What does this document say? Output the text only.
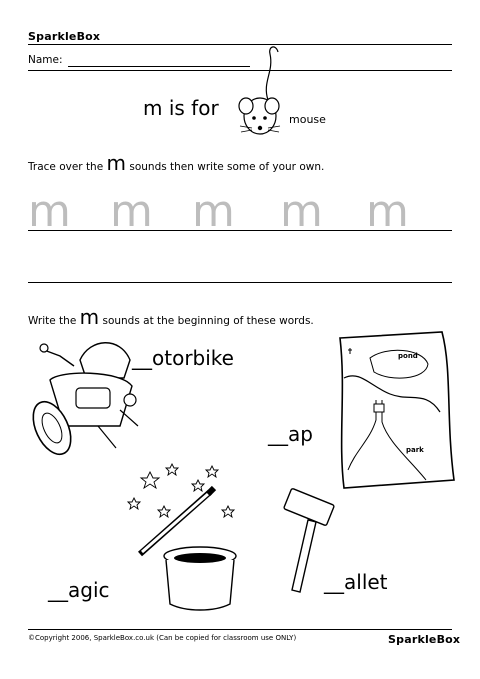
SparkleBox
Name:
m is for	mouse
Trace over the m sounds then write some of your own.
m m m m m
Write the m sounds at the beginning of these words.
__otorbike	pond
park
__ap
__agic	__allet
©Copyright 2006, SparkleBox.co.uk (Can be copied for classroom use ONLY)	SparkleBox
